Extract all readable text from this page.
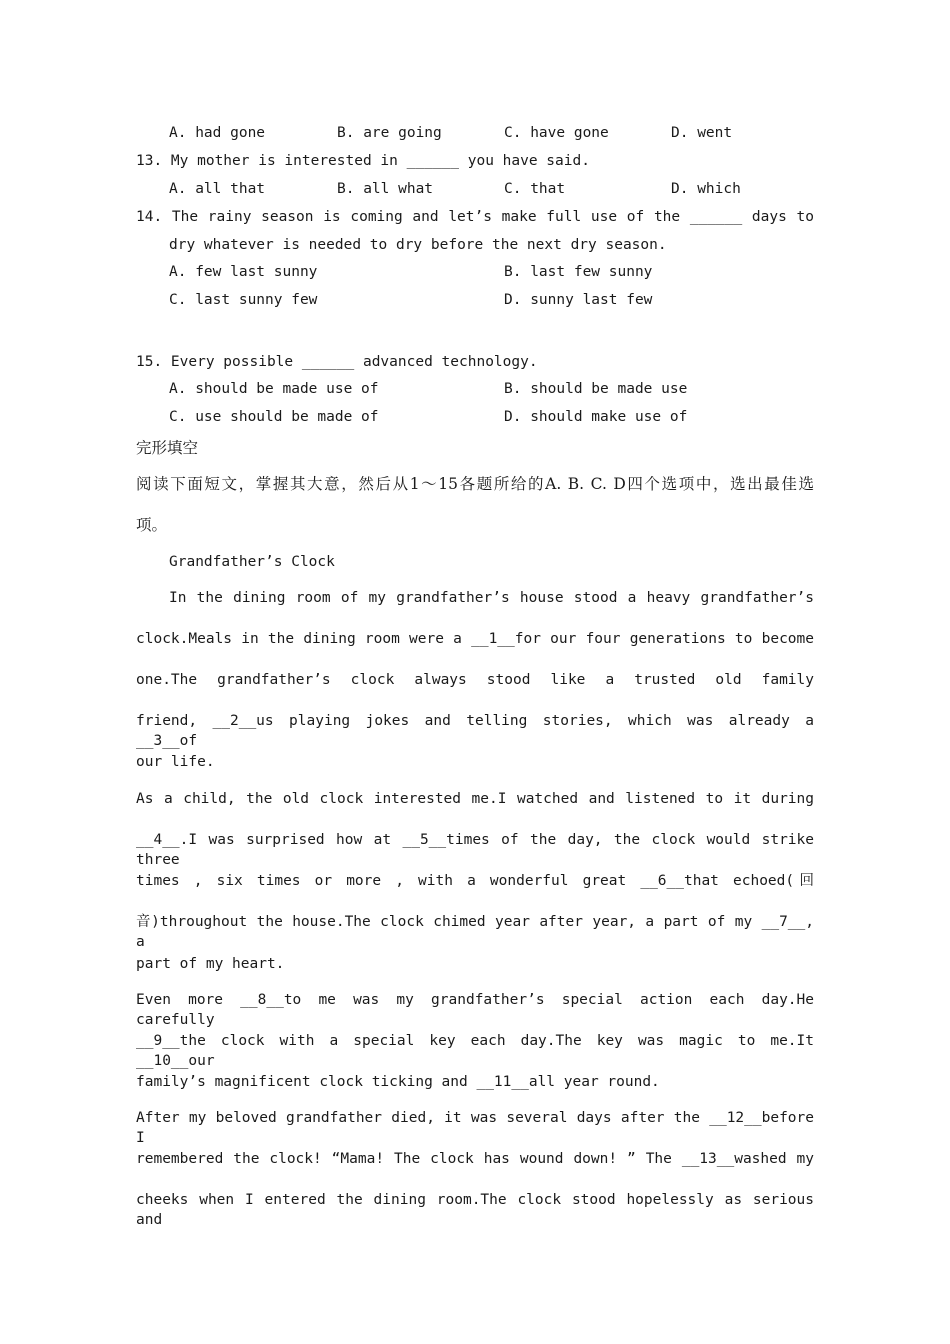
A. had gone	B. are going	C. have gone	D. went
13. My mother is interested in ______ you have said.
A. all that	B. all what	C. that	D. which
14. The rainy season is coming and let’s make full use of the ______ days to
dry whatever is needed to dry before the next dry season.
A. few last sunny	B. last few sunny
C. last sunny few	D. sunny last few
15. Every possible ______ advanced technology.
A. should be made use of	B. should be made use
C. use should be made of	D. should make use of
完形填空
阅读下面短文，掌握其大意，然后从1～15各题所给的A. B. C. D四个选项中，选出最佳选
项。
Grandfather’s Clock
In the dining room of my grandfather’s house stood a heavy grandfather’s
clock.Meals in the dining room were a __1__for our four generations to become
one.The grandfather’s clock always stood like a trusted old family
friend, __2__us playing jokes and telling stories, which was already a __3__of
our life.
As a child, the old clock interested me.I watched and listened to it during
__4__.I was surprised how at __5__times of the day, the clock would strike three
times , six times or more , with a wonderful great __6__that echoed(回
音)throughout the house.The clock chimed year after year, a part of my __7__, a
part of my heart.
Even more __8__to me was my grandfather’s special action each day.He carefully
__9__the clock with a special key each day.The key was magic to me.It __10__our
family’s magnificent clock ticking and __11__all year round.
After my beloved grandfather died, it was several days after the __12__before I
remembered the clock! “Mama! The clock has wound down! ” The __13__washed my
cheeks when I entered the dining room.The clock stood hopelessly as serious and
